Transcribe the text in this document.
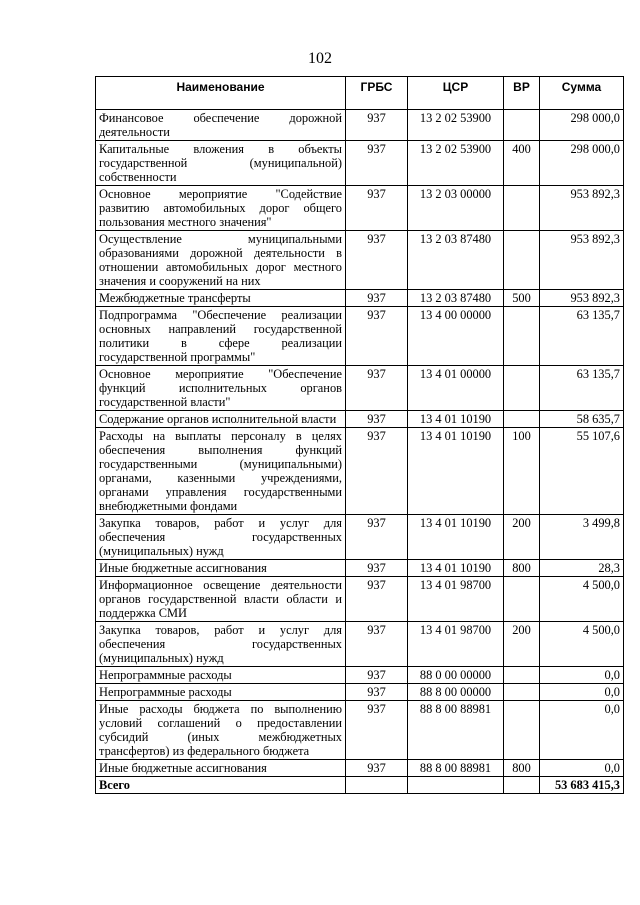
102
Наименование	ГРБС	ЦСР	ВР	Сумма
Финансовое обеспечение дорожной деятельности	937	13 2 02 53900		298 000,0
Капитальные вложения в объекты государственной (муниципальной) собственности	937	13 2 02 53900	400	298 000,0
Основное мероприятие "Содействие развитию автомобильных дорог общего пользования местного значения"	937	13 2 03 00000		953 892,3
Осуществление муниципальными образованиями дорожной деятельности в отношении автомобильных дорог местного значения и сооружений на них	937	13 2 03 87480		953 892,3
Межбюджетные трансферты	937	13 2 03 87480	500	953 892,3
Подпрограмма "Обеспечение реализации основных направлений государственной политики в сфере реализации государственной программы"	937	13 4 00 00000		63 135,7
Основное мероприятие "Обеспечение функций исполнительных органов государственной власти"	937	13 4 01 00000		63 135,7
Содержание органов исполнительной власти	937	13 4 01 10190		58 635,7
Расходы на выплаты персоналу в целях обеспечения выполнения функций государственными (муниципальными) органами, казенными учреждениями, органами управления государственными внебюджетными фондами	937	13 4 01 10190	100	55 107,6
Закупка товаров, работ и услуг для обеспечения государственных (муниципальных) нужд	937	13 4 01 10190	200	3 499,8
Иные бюджетные ассигнования	937	13 4 01 10190	800	28,3
Информационное освещение деятельности органов государственной власти области и поддержка СМИ	937	13 4 01 98700		4 500,0
Закупка товаров, работ и услуг для обеспечения государственных (муниципальных) нужд	937	13 4 01 98700	200	4 500,0
Непрограммные расходы	937	88 0 00 00000		0,0
Непрограммные расходы	937	88 8 00 00000		0,0
Иные расходы бюджета по выполнению условий соглашений о предоставлении субсидий (иных межбюджетных трансфертов) из федерального бюджета	937	88 8 00 88981		0,0
Иные бюджетные ассигнования	937	88 8 00 88981	800	0,0
Всего				53 683 415,3
